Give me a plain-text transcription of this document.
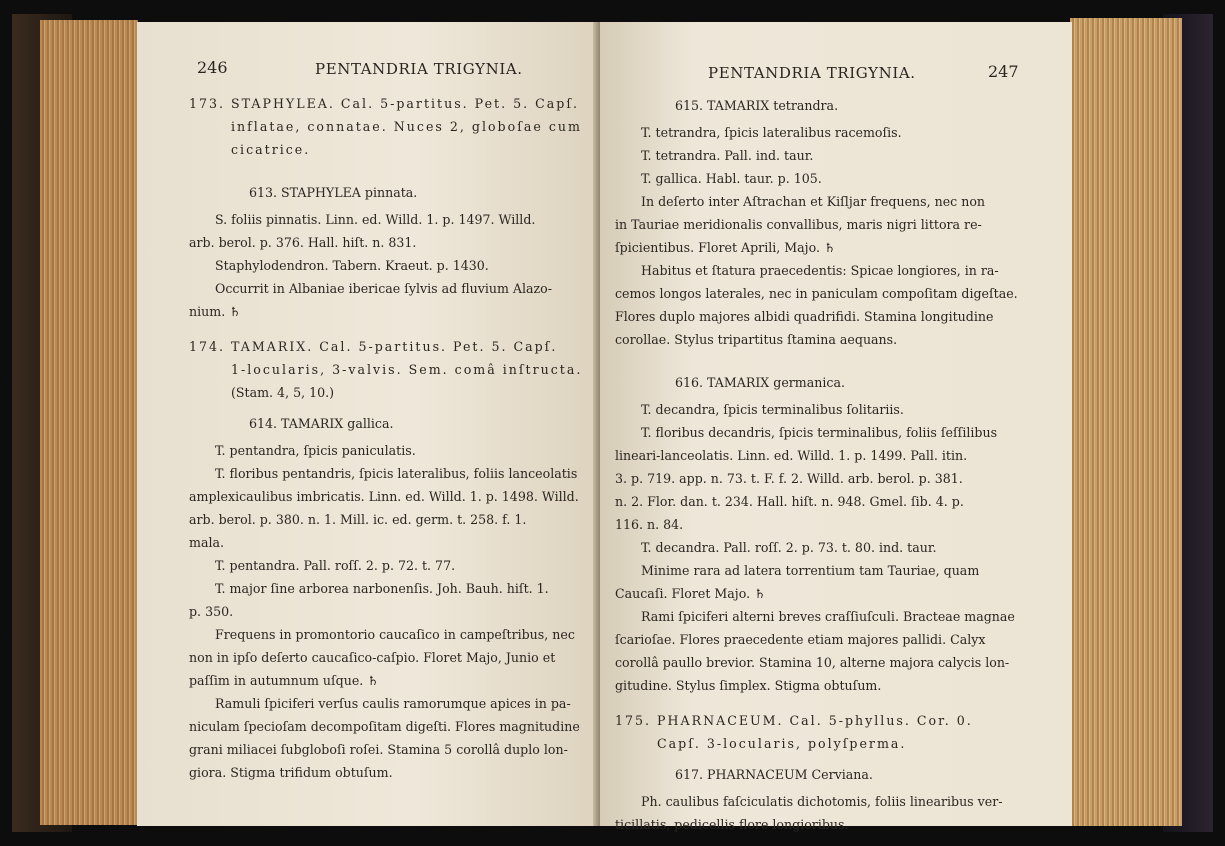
246	PENTANDRIA TRIGYNIA.

173. STAPHYLEA. Cal. 5-partitus. Pet. 5. Capſ.

inflatae, connatae. Nuces 2, globoſae cum

cicatrice.

613. STAPHYLEA pinnata.

S. foliis pinnatis. Linn. ed. Willd. 1. p. 1497. Willd.

arb. berol. p. 376. Hall. hiſt. n. 831.

Staphylodendron. Tabern. Kraeut. p. 1430.

Occurrit in Albaniae ibericae ſylvis ad fluvium Alazo-

nium. ♄

174. TAMARIX. Cal. 5-partitus. Pet. 5. Capſ.

1-locularis, 3-valvis. Sem. comâ inſtructa.

(Stam. 4, 5, 10.)

614. TAMARIX gallica.

T. pentandra, ſpicis paniculatis.

T. floribus pentandris, ſpicis lateralibus, foliis lanceolatis

amplexicaulibus imbricatis. Linn. ed. Willd. 1. p. 1498. Willd.

arb. berol. p. 380. n. 1. Mill. ic. ed. germ. t. 258. f. 1.

mala.

T. pentandra. Pall. roſſ. 2. p. 72. t. 77.

T. major ſine arborea narbonenſis. Joh. Bauh. hiſt. 1.

p. 350.

Frequens in promontorio caucaſico in campeſtribus, nec

non in ipſo deſerto caucaſico-caſpio. Floret Majo, Junio et

paſſim in autumnum uſque. ♄

Ramuli ſpiciferi verſus caulis ramorumque apices in pa-

niculam ſpecioſam decompoſitam digeſti. Flores magnitudine

grani miliacei ſubgloboſi roſei. Stamina 5 corollâ duplo lon-

giora. Stigma trifidum obtuſum.

PENTANDRIA TRIGYNIA.	247

615. TAMARIX tetrandra.

T. tetrandra, ſpicis lateralibus racemoſis.

T. tetrandra. Pall. ind. taur.

T. gallica. Habl. taur. p. 105.

In deſerto inter Aſtrachan et Kiſljar frequens, nec non

in Tauriae meridionalis convallibus, maris nigri littora re-

ſpicientibus. Floret Aprili, Majo. ♄

Habitus et ſtatura praecedentis: Spicae longiores, in ra-

cemos longos laterales, nec in paniculam compoſitam digeſtae.

Flores duplo majores albidi quadrifidi. Stamina longitudine

corollae. Stylus tripartitus ſtamina aequans.

616. TAMARIX germanica.

T. decandra, ſpicis terminalibus ſolitariis.

T. floribus decandris, ſpicis terminalibus, foliis ſeſſilibus

lineari-lanceolatis. Linn. ed. Willd. 1. p. 1499. Pall. itin.

3. p. 719. app. n. 73. t. F. f. 2. Willd. arb. berol. p. 381.

n. 2. Flor. dan. t. 234. Hall. hiſt. n. 948. Gmel. ſib. 4. p.

116. n. 84.

T. decandra. Pall. roſſ. 2. p. 73. t. 80. ind. taur.

Minime rara ad latera torrentium tam Tauriae, quam

Caucaſi. Floret Majo. ♄

Rami ſpiciferi alterni breves craſſiuſculi. Bracteae magnae

ſcarioſae. Flores praecedente etiam majores pallidi. Calyx

corollâ paullo brevior. Stamina 10, alterne majora calycis lon-

gitudine. Stylus ſimplex. Stigma obtuſum.

175. PHARNACEUM. Cal. 5-phyllus. Cor. 0.

Capſ. 3-locularis, polyſperma.

617. PHARNACEUM Cerviana.

Ph. caulibus faſciculatis dichotomis, foliis linearibus ver-

ticillatis, pedicellis flore longioribus.
